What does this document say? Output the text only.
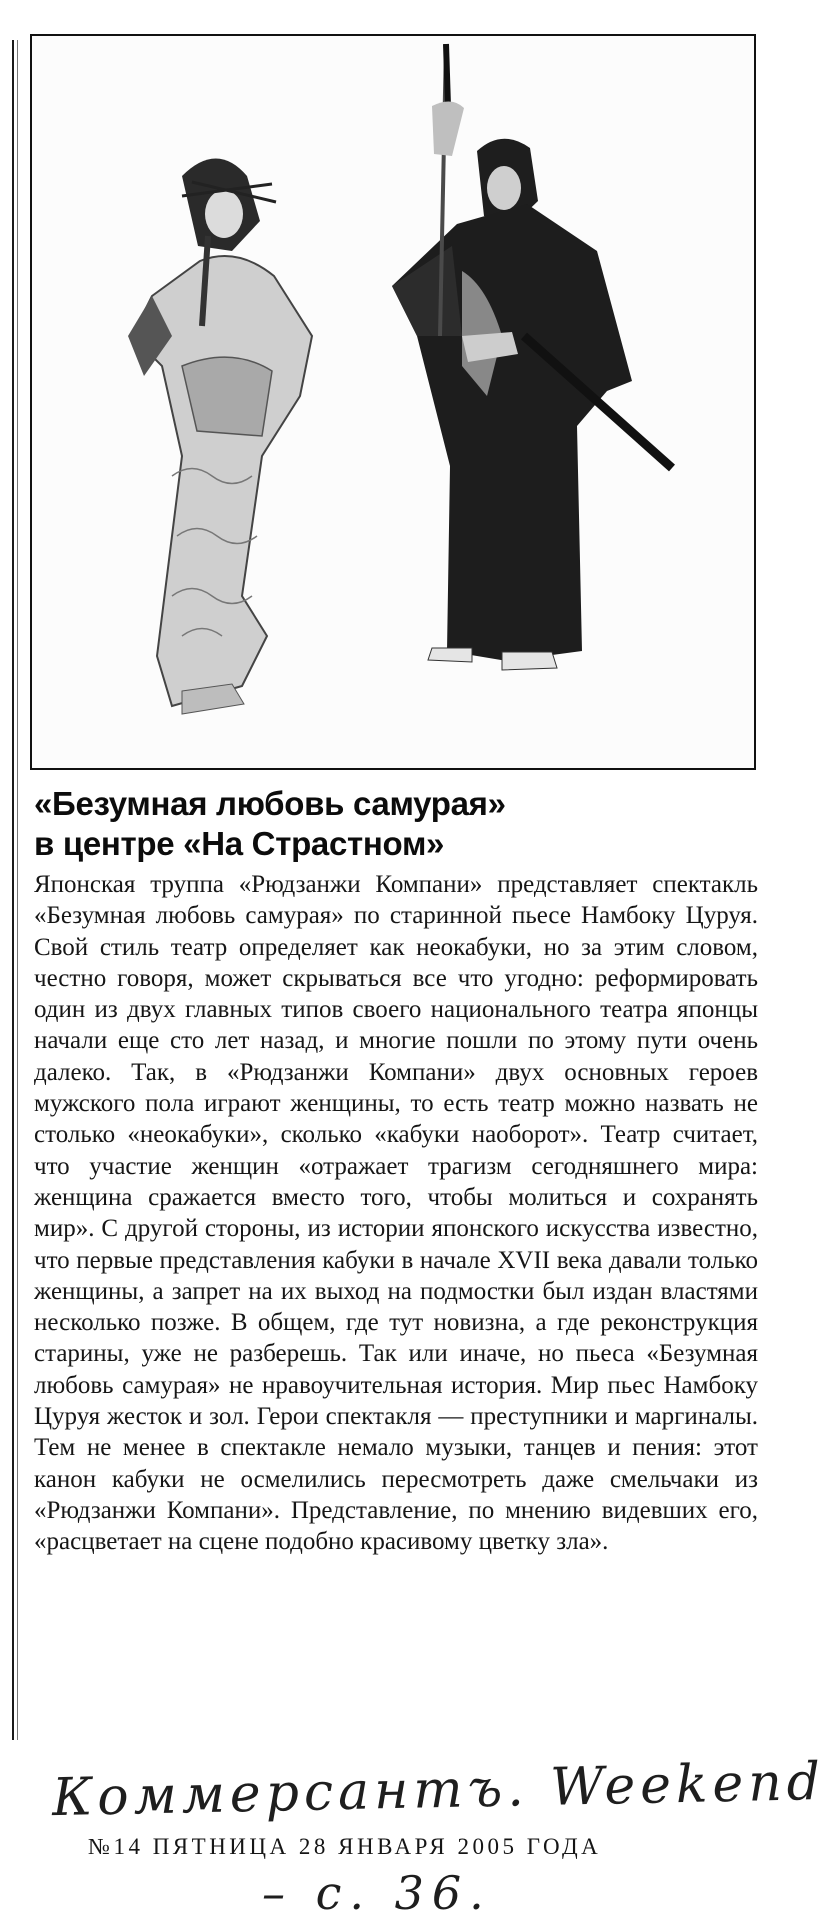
«Безумная любовь самурая»
в центре «На Страстном»

Японская труппа «Рюдзанжи Компани» представляет спектакль «Безумная любовь самурая» по старинной пьесе Намбоку Цуруя. Свой стиль театр определяет как неокабуки, но за этим словом, честно говоря, может скрываться все что угодно: реформировать один из двух главных типов своего национального театра японцы начали еще сто лет назад, и многие пошли по этому пути очень далеко. Так, в «Рюдзанжи Компани» двух основных героев мужского пола играют женщины, то есть театр можно назвать не столько «неокабуки», сколько «кабуки наоборот». Театр считает, что участие женщин «отражает трагизм сегодняшнего мира: женщина сражается вместо того, чтобы молиться и сохранять мир». С другой стороны, из истории японского искусства известно, что первые представления кабуки в начале XVII века давали только женщины, а запрет на их выход на подмостки был издан властями несколько позже. В общем, где тут новизна, а где реконструкция старины, уже не разберешь. Так или иначе, но пьеса «Безумная любовь самурая» не нравоучительная история. Мир пьес Намбоку Цуруя жесток и зол. Герои спектакля — преступники и маргиналы. Тем не менее в спектакле немало музыки, танцев и пения: этот канон кабуки не осмелились пересмотреть даже смельчаки из «Рюдзанжи Компани». Представление, по мнению видевших его, «расцветает на сцене подобно красивому цветку зла».

Коммерсантъ. Weekend
№14 ПЯТНИЦА 28 ЯНВАРЯ 2005 ГОДА
– с. 36.
